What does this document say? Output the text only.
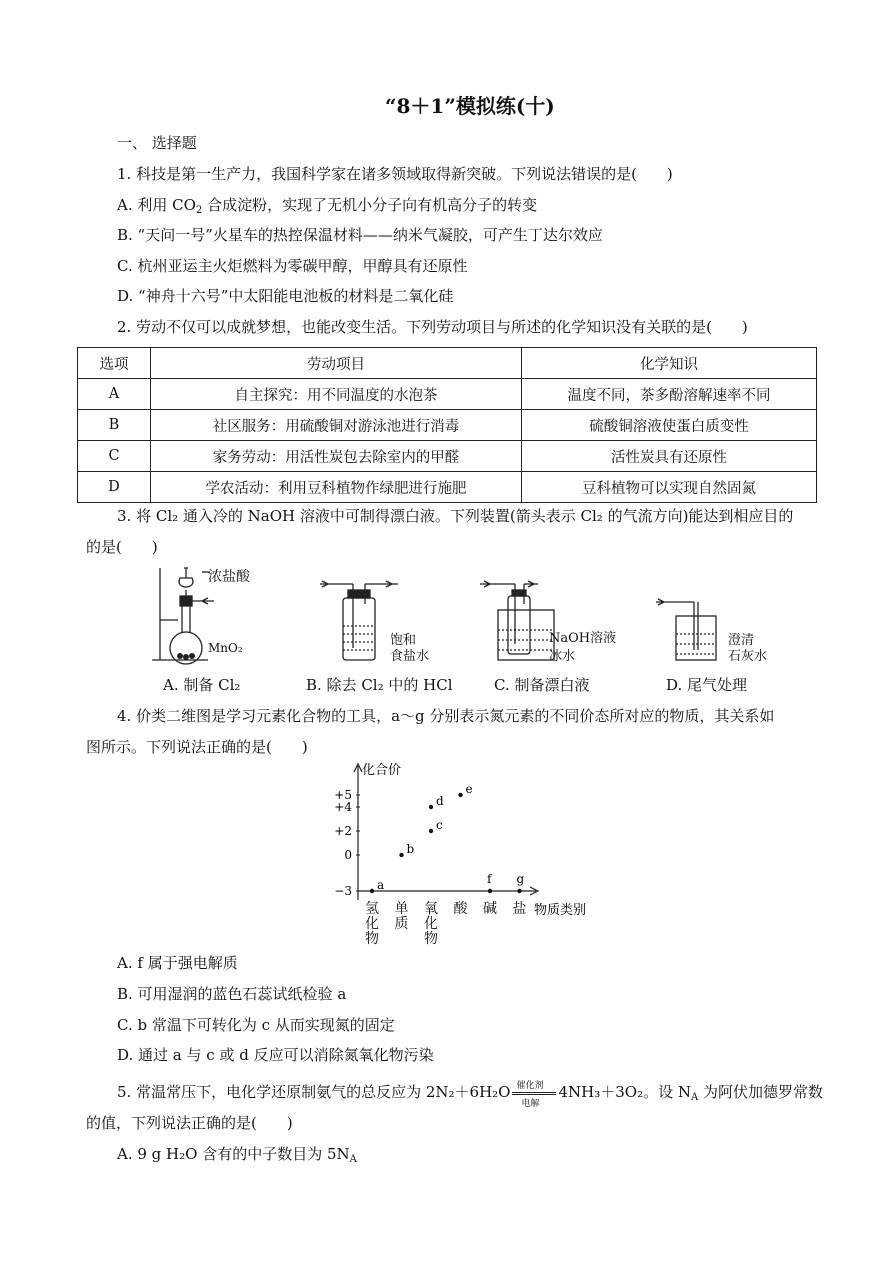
“8＋1”模拟练(十)
一、 选择题
1. 科技是第一生产力，我国科学家在诸多领域取得新突破。下列说法错误的是(　　)
A. 利用 $CO_2$ 合成淀粉，实现了无机小分子向有机高分子的转变
B. “天问一号”火星车的热控保温材料——纳米气凝胶，可产生丁达尔效应
C. 杭州亚运主火炬燃料为零碳甲醇，甲醇具有还原性
D. “神舟十六号”中太阳能电池板的材料是二氧化硅
2. 劳动不仅可以成就梦想，也能改变生活。下列劳动项目与所述的化学知识没有关联的是(　　)
选项	劳动项目	化学知识
A	自主探究：用不同温度的水泡茶	温度不同，茶多酚溶解速率不同
B	社区服务：用硫酸铜对游泳池进行消毒	硫酸铜溶液使蛋白质变性
C	家务劳动：用活性炭包去除室内的甲醛	活性炭具有还原性
D	学农活动：利用豆科植物作绿肥进行施肥	豆科植物可以实现自然固氮
3. 将 Cl₂ 通入冷的 NaOH 溶液中可制得漂白液。下列装置(箭头表示 Cl₂ 的气流方向)能达到相应目的
的是(　　)
浓盐酸
MnO₂	饱和
食盐水
NaOH溶液
冰水
澄清
石灰水
A. 制备 Cl₂	B. 除去 Cl₂ 中的 HCl	C. 制备漂白液	D. 尾气处理
4. 价类二维图是学习元素化合物的工具，a～g 分别表示氮元素的不同价态所对应的物质，其关系如
图所示。下列说法正确的是(　　)
+5
+4
+2
0
−3 a
b
c
d
e
f g
化合价
物质类别
氢
化
物
单
质
氧
化
物
酸 碱 盐
A. f 属于强电解质
B. 可用湿润的蓝色石蕊试纸检验 a
C. b 常温下可转化为 c 从而实现氮的固定
D. 通过 a 与 c 或 d 反应可以消除氮氧化物污染
5. 常温常压下，电化学还原制氨气的总反应为 2N₂＋6H₂O 催化剂
电解
4NH₃＋3O₂。设 $N_A$ 为阿伏加德罗常数
的值，下列说法正确的是(　　)
A. 9 g H₂O 含有的中子数目为 $5N_A$
